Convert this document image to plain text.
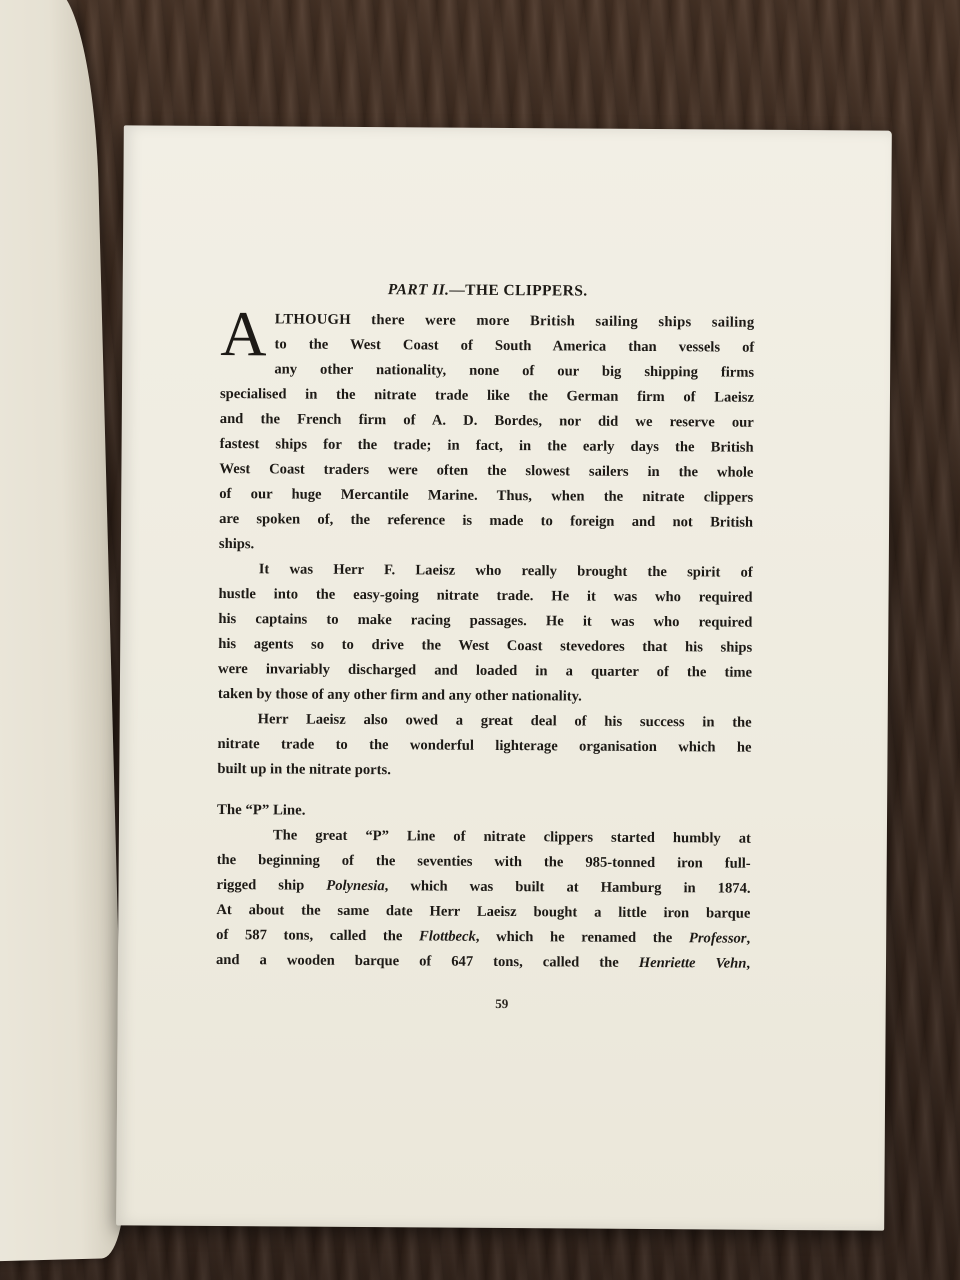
PART II.—THE CLIPPERS.

A LTHOUGH there were more British sailing ships sailing
to the West Coast of South America than vessels of
any other nationality, none of our big shipping firms
specialised in the nitrate trade like the German firm of Laeisz
and the French firm of A. D. Bordes, nor did we reserve our
fastest ships for the trade; in fact, in the early days the British
West Coast traders were often the slowest sailers in the whole
of our huge Mercantile Marine. Thus, when the nitrate clippers
are spoken of, the reference is made to foreign and not British
ships.

It was Herr F. Laeisz who really brought the spirit of
hustle into the easy-going nitrate trade. He it was who required
his captains to make racing passages. He it was who required
his agents so to drive the West Coast stevedores that his ships
were invariably discharged and loaded in a quarter of the time
taken by those of any other firm and any other nationality.

Herr Laeisz also owed a great deal of his success in the
nitrate trade to the wonderful lighterage organisation which he
built up in the nitrate ports.

The “P” Line.

The great “P” Line of nitrate clippers started humbly at
the beginning of the seventies with the 985-tonned iron full-
rigged ship Polynesia, which was built at Hamburg in 1874.
At about the same date Herr Laeisz bought a little iron barque
of 587 tons, called the Flottbeck, which he renamed the Professor,
and a wooden barque of 647 tons, called the Henriette Vehn,

59
